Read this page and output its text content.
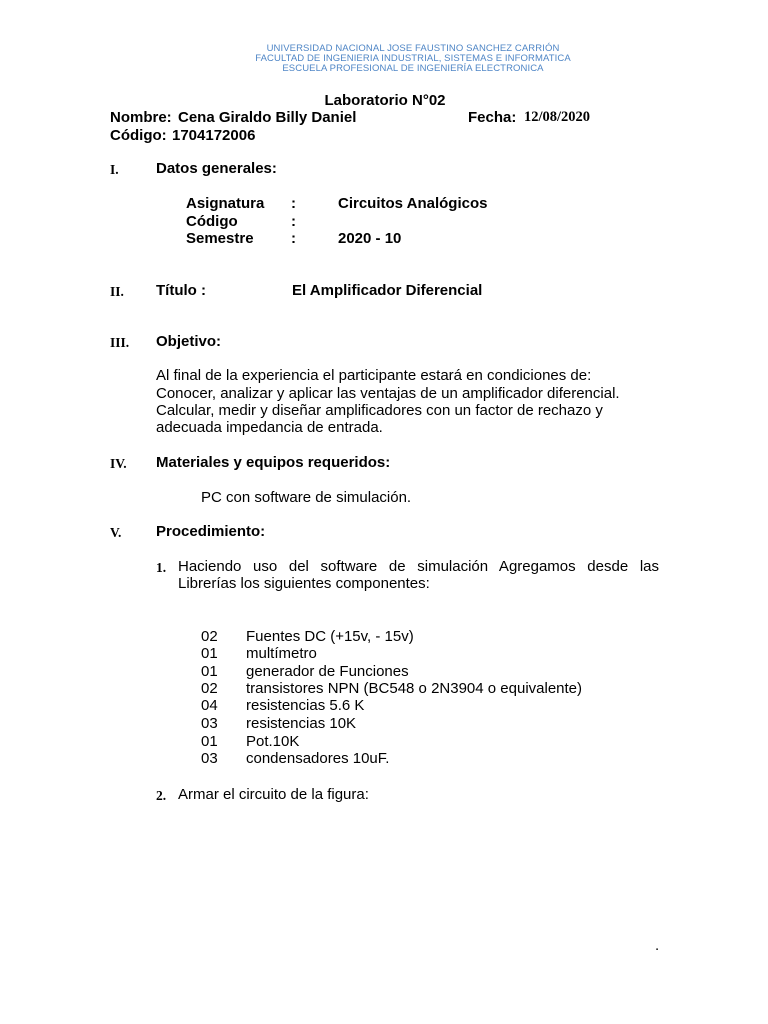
UNIVERSIDAD NACIONAL JOSE FAUSTINO SANCHEZ CARRIÓN
FACULTAD DE INGENIERIA INDUSTRIAL, SISTEMAS E INFORMATICA
ESCUELA PROFESIONAL DE INGENIERÍA ELECTRONICA
Laboratorio N°02
Nombre: Cena Giraldo Billy Daniel	Fecha: 12/08/2020
Código: 1704172006
I. Datos generales:
Asignatura :	Circuitos Analógicos
Código	:
Semestre :	2020 - 10
II. Título :	El Amplificador Diferencial
III. Objetivo:
Al final de la experiencia el participante estará en condiciones de:
Conocer, analizar y aplicar las ventajas de un amplificador diferencial.
Calcular, medir y diseñar amplificadores con un factor de rechazo y
adecuada impedancia de entrada.
IV. Materiales y equipos requeridos:
PC con software de simulación.
V. Procedimiento:
1. Haciendo uso del software de simulación Agregamos desde las
Librerías los siguientes componentes:
02 Fuentes DC (+15v, - 15v)
01 multímetro
01 generador de Funciones
02 transistores NPN (BC548 o 2N3904 o equivalente)
04 resistencias 5.6 K
03 resistencias 10K
01 Pot.10K
03 condensadores 10uF.
2. Armar el circuito de la figura:
.
